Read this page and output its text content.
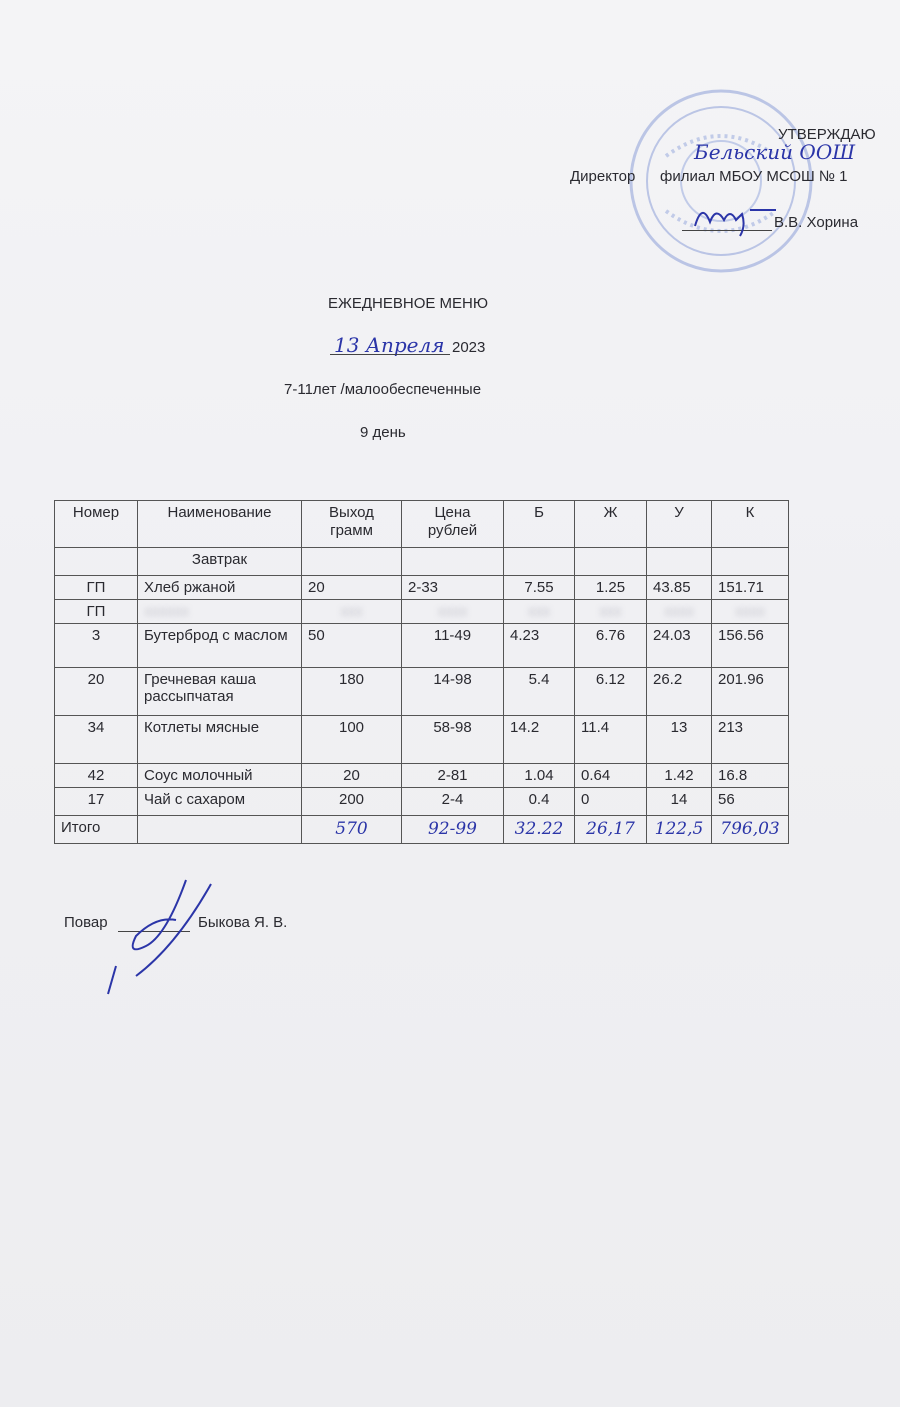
УТВЕРЖДАЮ
Бельский ООШ
Директор филиал МБОУ МСОШ № 1
В.В. Хорина
ЕЖЕДНЕВНОЕ МЕНЮ
13 Апреля 2023
7-11лет /малообеспеченные
9 день
Номер	Наименование	Выход грамм	Цена рублей	Б	Ж	У	К
	Завтрак						
ГП	Хлеб ржаной	20	2-33	7.55	1.25	43.85	151.71
ГП	xxxxxx	xxx	xxxx	xxx	xxx	xxxx	xxxx
3	Бутерброд с маслом	50	11-49	4.23	6.76	24.03	156.56
20	Гречневая каша рассыпчатая	180	14-98	5.4	6.12	26.2	201.96
34	Котлеты мясные	100	58-98	14.2	11.4	13	213
42	Соус молочный	20	2-81	1.04	0.64	1.42	16.8
17	Чай с сахаром	200	2-4	0.4	0	14	56
Итого		570	92-99	32.22	26,17	122,5	796,03
Повар	Быкова Я. В.
